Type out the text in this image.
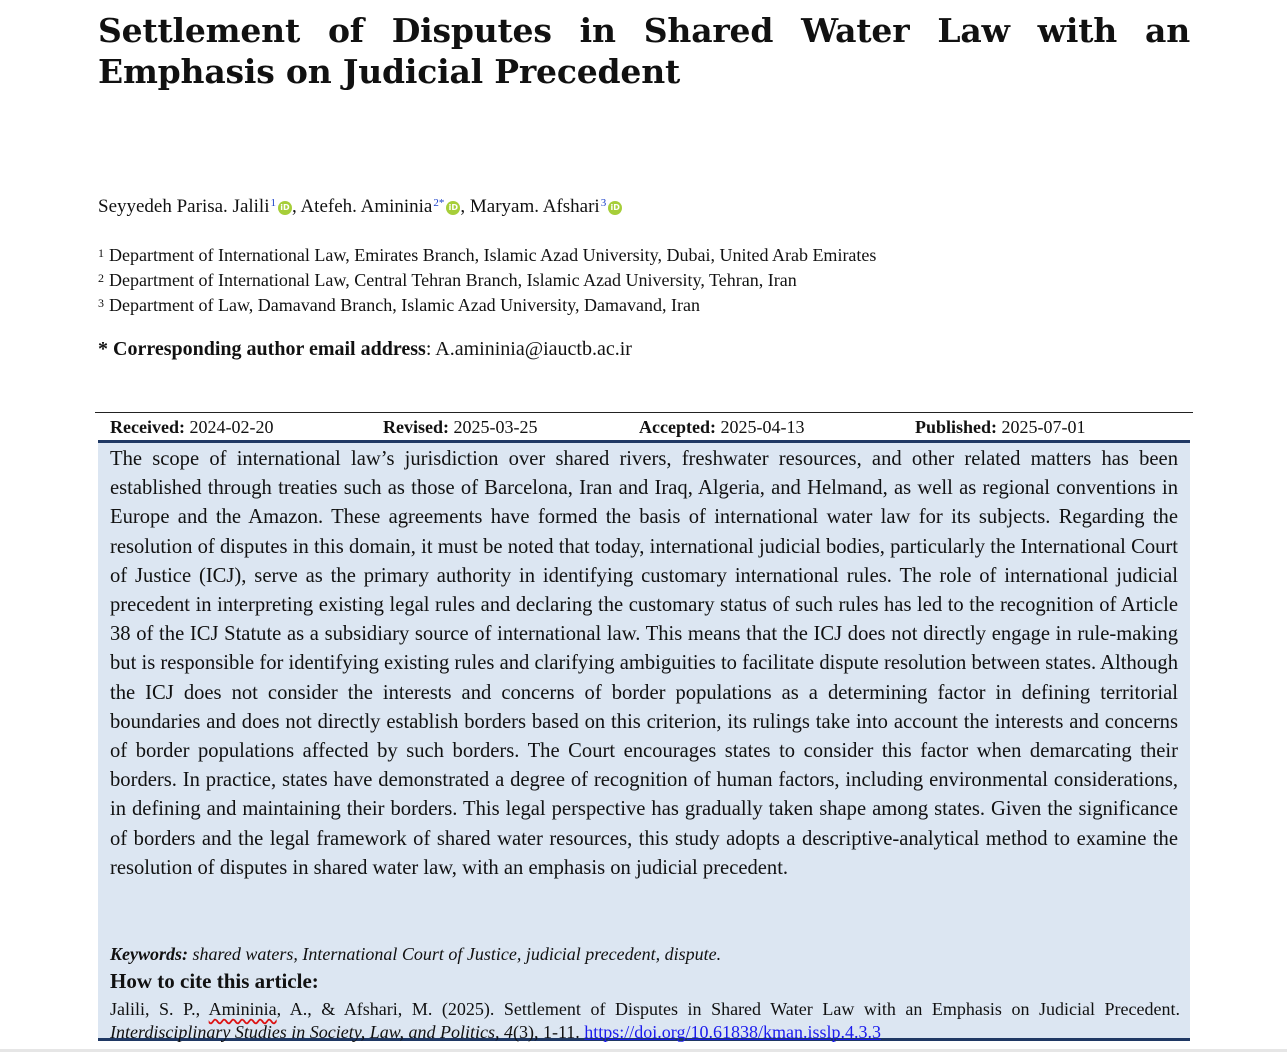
Settlement of Disputes in Shared Water Law with an Emphasis on Judicial Precedent
Seyyedeh Parisa. Jalili$^1$ iD , Atefeh. Amininia$^{2*}$ iD , Maryam. Afshari$^3$ iD
$^1$ Department of International Law, Emirates Branch, Islamic Azad University, Dubai, United Arab Emirates
$^2$ Department of International Law, Central Tehran Branch, Islamic Azad University, Tehran, Iran
$^3$ Department of Law, Damavand Branch, Islamic Azad University, Damavand, Iran
* Corresponding author email address: A.amininia@iauctb.ac.ir
Received: 2024-02-20	Revised: 2025-03-25	Accepted: 2025-04-13	Published: 2025-07-01

The scope of international law’s jurisdiction over shared rivers, freshwater resources, and other related matters has been established through treaties such as those of Barcelona, Iran and Iraq, Algeria, and Helmand, as well as regional conventions in Europe and the Amazon. These agreements have formed the basis of international water law for its subjects. Regarding the resolution of disputes in this domain, it must be noted that today, international judicial bodies, particularly the International Court of Justice (ICJ), serve as the primary authority in identifying customary international rules. The role of international judicial precedent in interpreting existing legal rules and declaring the customary status of such rules has led to the recognition of Article 38 of the ICJ Statute as a subsidiary source of international law. This means that the ICJ does not directly engage in rule-making but is responsible for identifying existing rules and clarifying ambiguities to facilitate dispute resolution between states. Although the ICJ does not consider the interests and concerns of border populations as a determining factor in defining territorial boundaries and does not directly establish borders based on this criterion, its rulings take into account the interests and concerns of border populations affected by such borders. The Court encourages states to consider this factor when demarcating their borders. In practice, states have demonstrated a degree of recognition of human factors, including environmental considerations, in defining and maintaining their borders. This legal perspective has gradually taken shape among states. Given the significance of borders and the legal framework of shared water resources, this study adopts a descriptive-analytical method to examine the resolution of disputes in shared water law, with an emphasis on judicial precedent.

Keywords: shared waters, International Court of Justice, judicial precedent, dispute.
How to cite this article:
Jalili, S. P., Amininia, A., & Afshari, M. (2025). Settlement of Disputes in Shared Water Law with an Emphasis on Judicial Precedent. Interdisciplinary Studies in Society, Law, and Politics, 4(3), 1-11. https://doi.org/10.61838/kman.isslp.4.3.3
